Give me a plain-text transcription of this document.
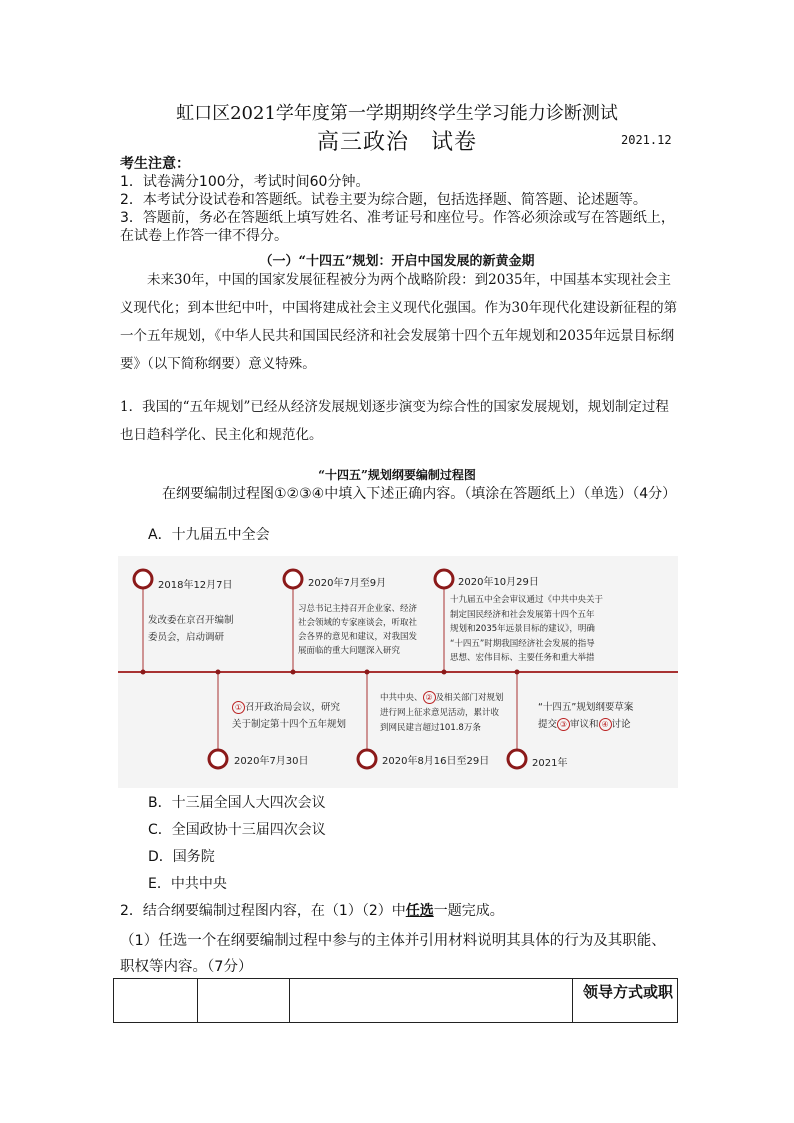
虹口区2021学年度第一学期期终学生学习能力诊断测试
高三政治 试卷	2021.12
考生注意：
1．试卷满分100分，考试时间60分钟。
2．本考试分设试卷和答题纸。试卷主要为综合题，包括选择题、简答题、论述题等。
3．答题前，务必在答题纸上填写姓名、准考证号和座位号。作答必须涂或写在答题纸上，
在试卷上作答一律不得分。
（一）“十四五”规划：开启中国发展的新黄金期
未来30年，中国的国家发展征程被分为两个战略阶段：到2035年，中国基本实现社会主义现代化；到本世纪中叶，中国将建成社会主义现代化强国。作为30年现代化建设新征程的第一个五年规划，《中华人民共和国国民经济和社会发展第十四个五年规划和2035年远景目标纲要》（以下简称纲要）意义特殊。
1．我国的“五年规划”已经从经济发展规划逐步演变为综合性的国家发展规划，规划制定过程也日趋科学化、民主化和规范化。
“十四五”规划纲要编制过程图
在纲要编制过程图①②③④中填入下述正确内容。（填涂在答题纸上）（单选）（4分）
A．十九届五中全会
2018年12月7日
发改委在京召开编制
委员会，启动调研
2020年7月至9月
习总书记主持召开企业家、经济
社会领域的专家座谈会，听取社
会各界的意见和建议，对我国发
展面临的重大问题深入研究
2020年10月29日
十九届五中全会审议通过《中共中央关于
制定国民经济和社会发展第十四个五年
规划和2035年远景目标的建议》，明确
“十四五”时期我国经济社会发展的指导
思想、宏伟目标、主要任务和重大举措
① 召开政治局会议，研究
关于制定第十四个五年规划
2020年7月30日
中共中央、 ② 及相关部门对规划
进行网上征求意见活动，累计收
到网民建言超过101.8万条
2020年8月16日至29日
“十四五”规划纲要草案
提交 ③ 审议和 ④ 讨论
2021年
B．十三届全国人大四次会议
C．全国政协十三届四次会议
D．国务院
E．中共中央
2．结合纲要编制过程图内容，在（1）（2）中任选一题完成。
（1）任选一个在纲要编制过程中参与的主体并引用材料说明其具体的行为及其职能、职权等内容。（7分）
			领导方式或职
